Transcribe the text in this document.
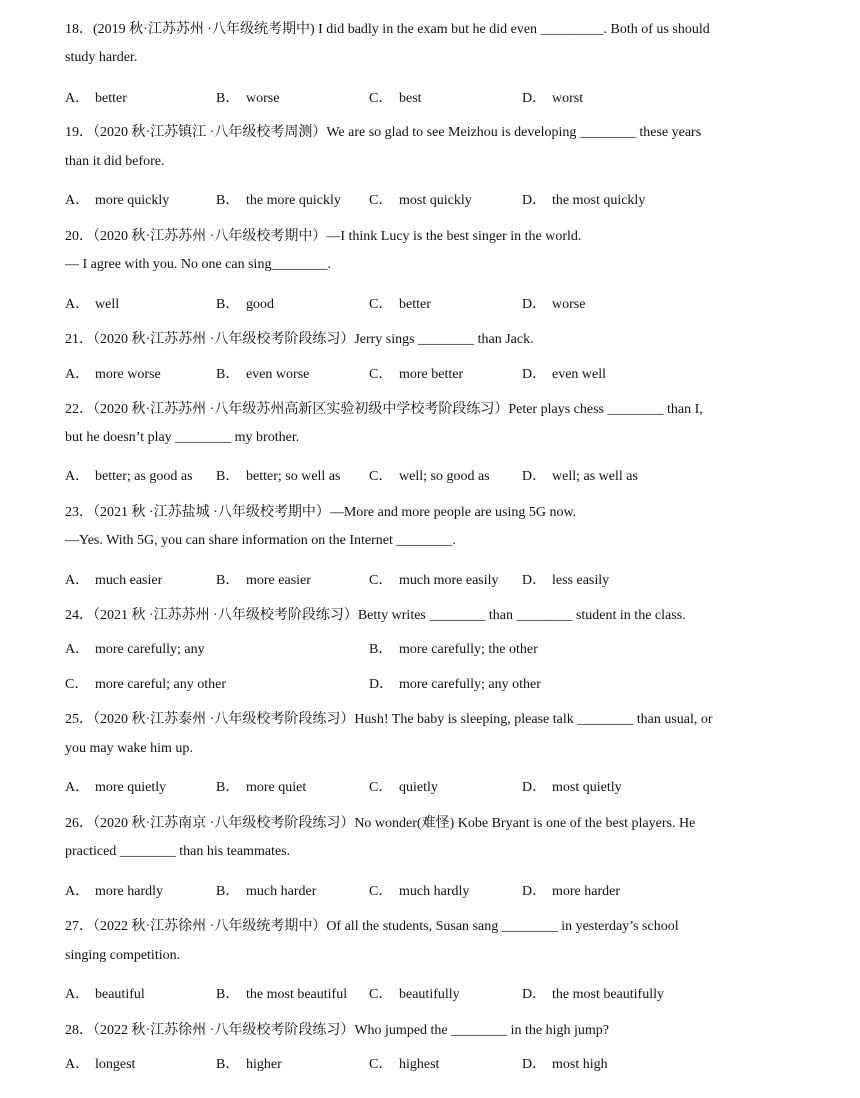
18．(2019 秋·江苏苏州 ·八年级统考期中) I did badly in the exam but he did even _________. Both of us should
study harder.
A． better	B． worse	C． best	D． worst
19．（2020 秋·江苏镇江 ·八年级校考周测）We are so glad to see Meizhou is developing ________ these years
than it did before.
A． more quickly	B． the more quickly C． most quickly	D． the most quickly
20．（2020 秋·江苏苏州 ·八年级校考期中）—I think Lucy is the best singer in the world.
— I agree with you. No one can sing________.
A． well	B． good	C． better	D． worse
21．（2020 秋·江苏苏州 ·八年级校考阶段练习）Jerry sings ________ than Jack.
A． more worse	B． even worse	C． more better	D． even well
22．（2020 秋·江苏苏州 ·八年级苏州高新区实验初级中学校考阶段练习）Peter plays chess ________ than I,
but he doesn’t play ________ my brother.
A． better; as good as B． better; so well as C． well; so good as D． well; as well as
23．（2021 秋 ·江苏盐城 ·八年级校考期中）—More and more people are using 5G now.
—Yes. With 5G, you can share information on the Internet ________.
A． much easier	B． more easier	C． much more easily D． less easily
24．（2021 秋 ·江苏苏州 ·八年级校考阶段练习）Betty writes ________ than ________ student in the class.
A． more carefully; any	B． more carefully; the other
C． more careful; any other	D． more carefully; any other
25．（2020 秋·江苏泰州 ·八年级校考阶段练习）Hush! The baby is sleeping, please talk ________ than usual, or
you may wake him up.
A． more quietly	B． more quiet	C． quietly	D． most quietly
26．（2020 秋·江苏南京 ·八年级校考阶段练习）No wonder(难怪) Kobe Bryant is one of the best players. He
practiced ________ than his teammates.
A． more hardly	B． much harder	C． much hardly	D． more harder
27．（2022 秋·江苏徐州 ·八年级统考期中）Of all the students, Susan sang ________ in yesterday’s school
singing competition.
A． beautiful	B． the most beautiful C． beautifully	D． the most beautifully
28．（2022 秋·江苏徐州 ·八年级校考阶段练习）Who jumped the ________ in the high jump?
A． longest	B． higher	C． highest	D． most high
